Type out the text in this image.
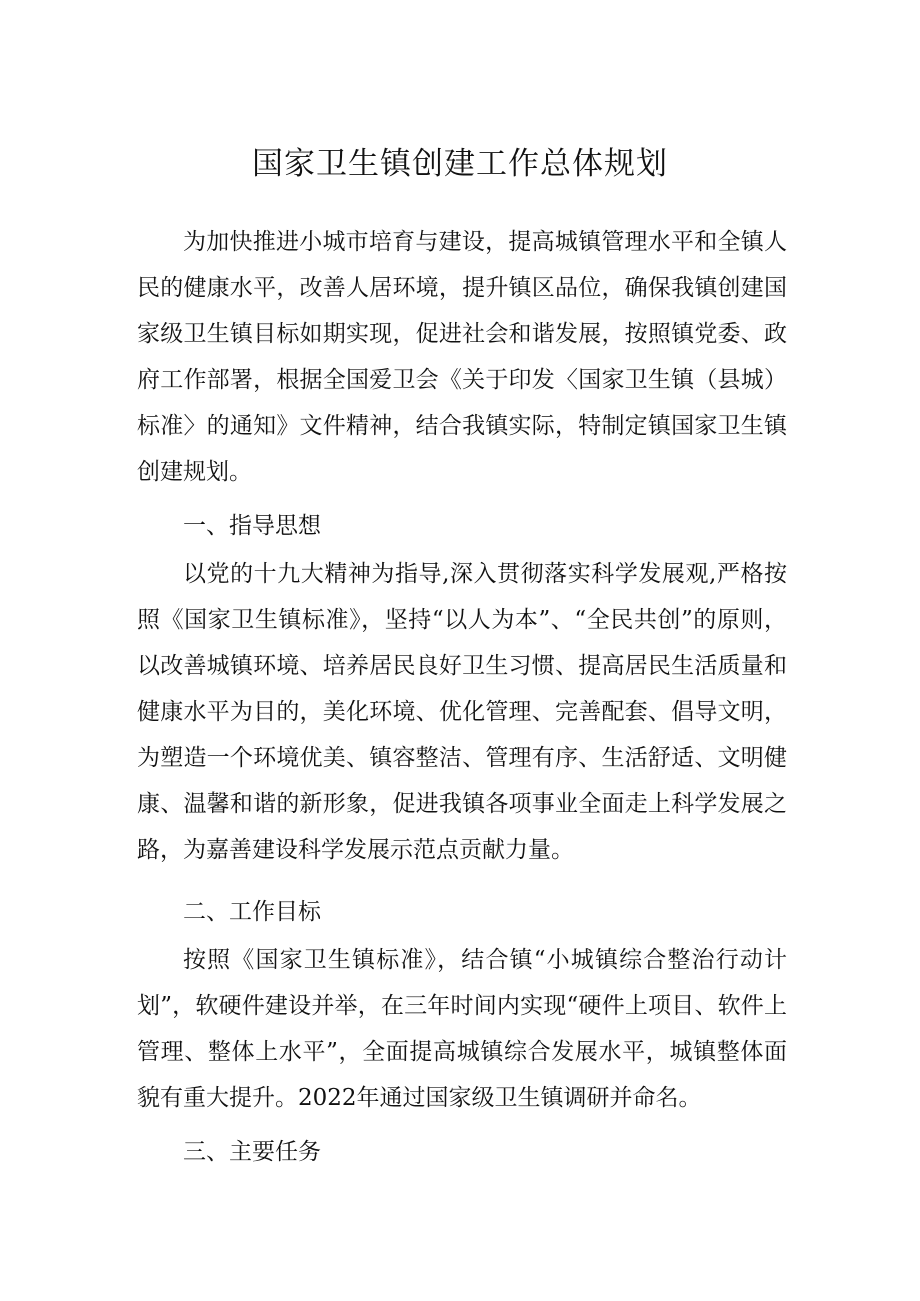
国家卫生镇创建工作总体规划

为加快推进小城市培育与建设，提高城镇管理水平和全镇人民的健康水平，改善人居环境，提升镇区品位，确保我镇创建国家级卫生镇目标如期实现，促进社会和谐发展，按照镇党委、政府工作部署，根据全国爱卫会《关于印发〈国家卫生镇（县城）标准〉的通知》文件精神，结合我镇实际，特制定镇国家卫生镇创建规划。

一、指导思想

以党的十九大精神为指导,深入贯彻落实科学发展观,严格按照《国家卫生镇标准》，坚持“以人为本”、“全民共创”的原则，以改善城镇环境、培养居民良好卫生习惯、提高居民生活质量和健康水平为目的，美化环境、优化管理、完善配套、倡导文明，为塑造一个环境优美、镇容整洁、管理有序、生活舒适、文明健康、温馨和谐的新形象，促进我镇各项事业全面走上科学发展之路，为嘉善建设科学发展示范点贡献力量。

二、工作目标

按照《国家卫生镇标准》，结合镇“小城镇综合整治行动计划”，软硬件建设并举，在三年时间内实现“硬件上项目、软件上管理、整体上水平”，全面提高城镇综合发展水平，城镇整体面貌有重大提升。2022年通过国家级卫生镇调研并命名。

三、主要任务
